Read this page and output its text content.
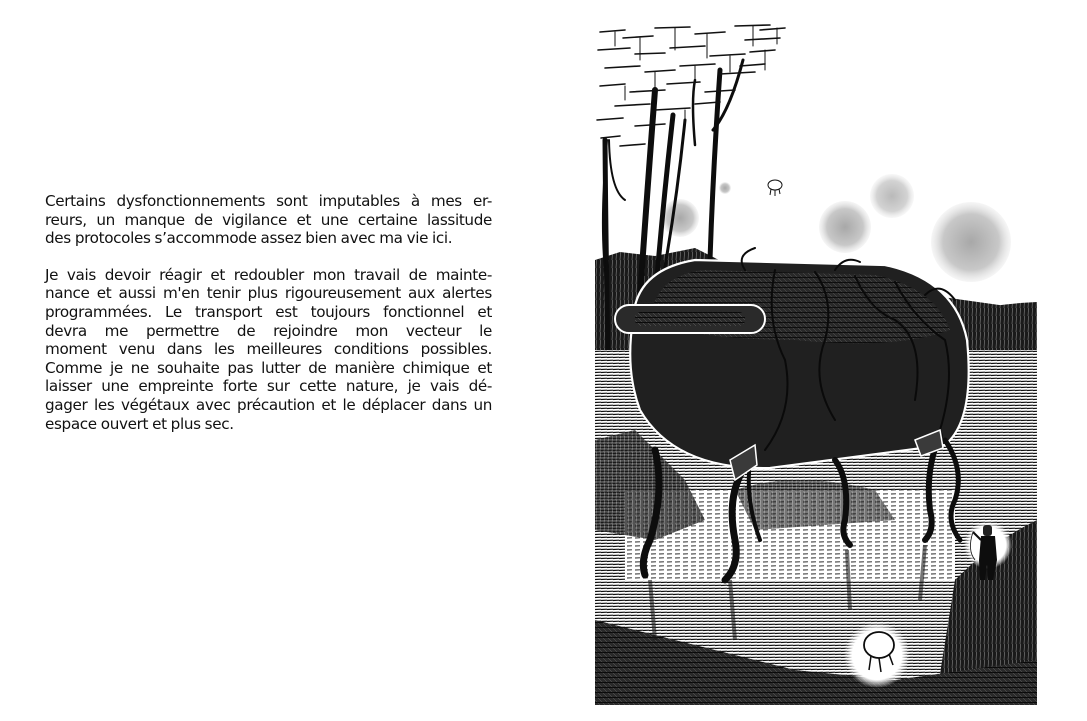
Certains dysfonctionnements sont imputables à mes er-
reurs, un manque de vigilance et une certaine lassitude
des protocoles s’accommode assez bien avec ma vie ici.

Je vais devoir réagir et redoubler mon travail de mainte-
nance et aussi m'en tenir plus rigoureusement aux alertes
programmées. Le transport est toujours fonctionnel et
devra me permettre de rejoindre mon vecteur le
moment venu dans les meilleures conditions possibles.
Comme je ne souhaite pas lutter de manière chimique et
laisser une empreinte forte sur cette nature, je vais dé-
gager les végétaux avec précaution et le déplacer dans un
espace ouvert et plus sec.
